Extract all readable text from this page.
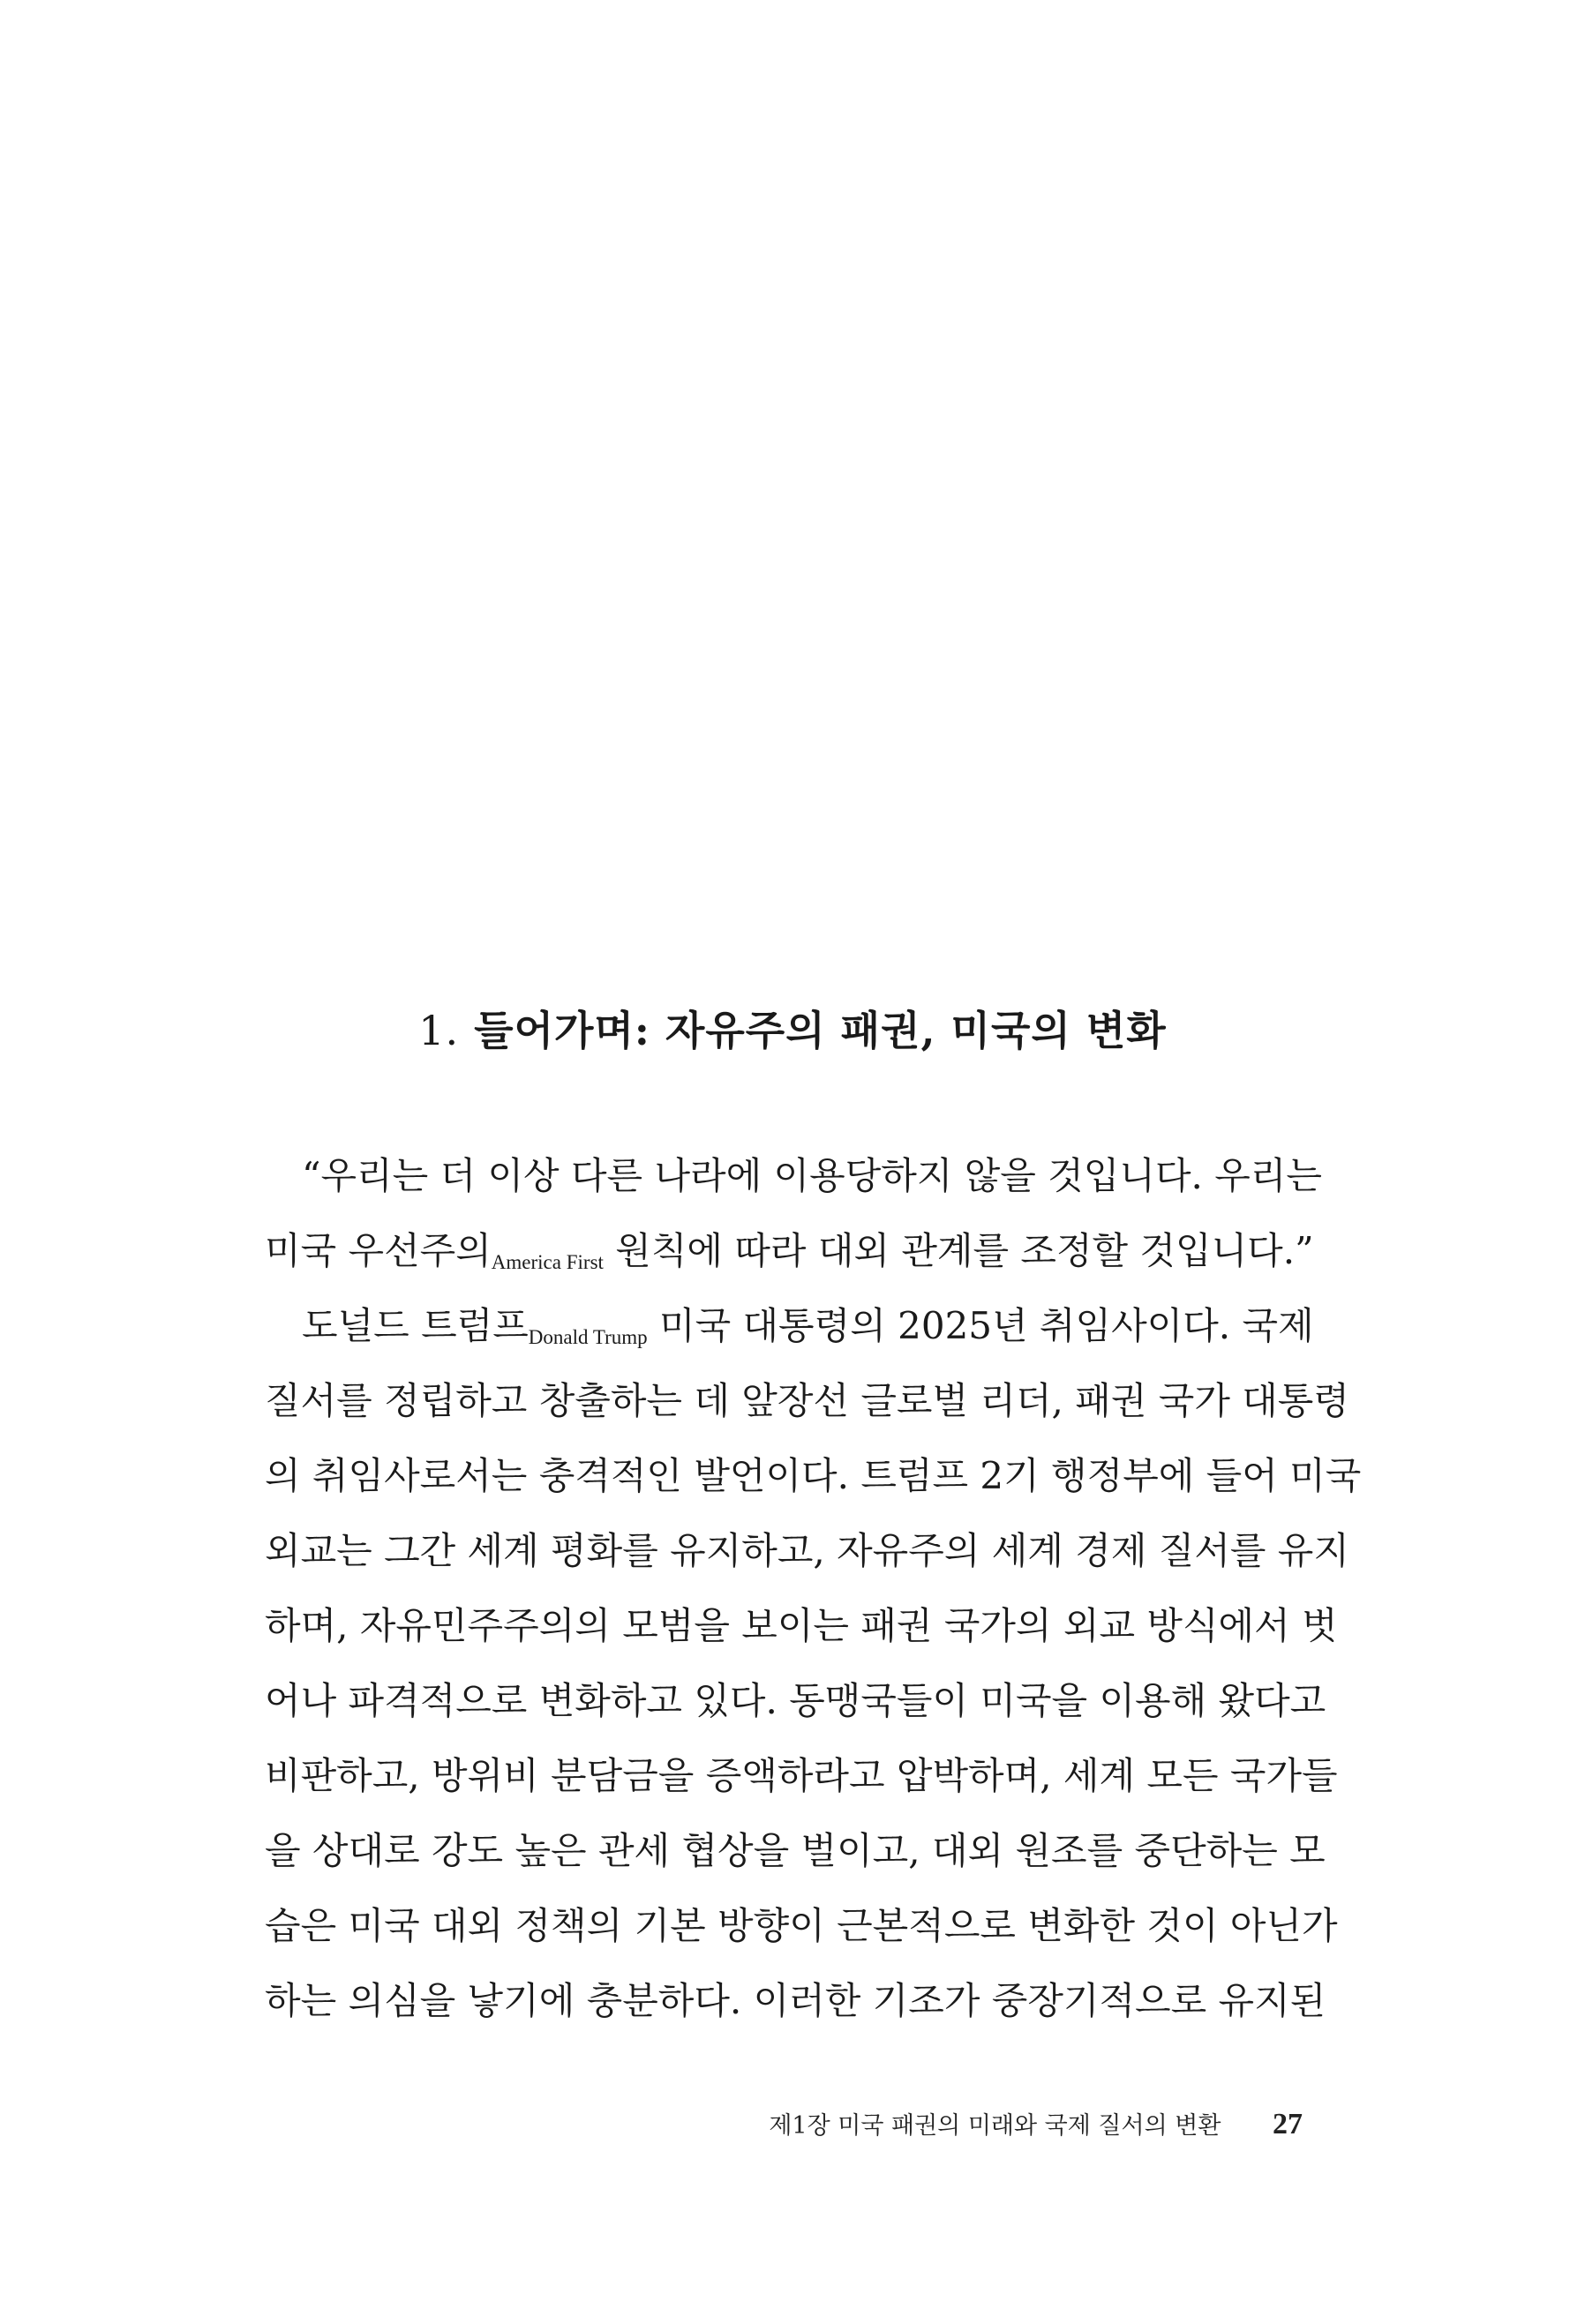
1. 들어가며: 자유주의 패권, 미국의 변화
“우리는 더 이상 다른 나라에 이용당하지 않을 것입니다. 우리는
미국 우선주의America First 원칙에 따라 대외 관계를 조정할 것입니다.”
도널드 트럼프Donald Trump 미국 대통령의 2025년 취임사이다. 국제
질서를 정립하고 창출하는 데 앞장선 글로벌 리더, 패권 국가 대통령
의 취임사로서는 충격적인 발언이다. 트럼프 2기 행정부에 들어 미국
외교는 그간 세계 평화를 유지하고, 자유주의 세계 경제 질서를 유지
하며, 자유민주주의의 모범을 보이는 패권 국가의 외교 방식에서 벗
어나 파격적으로 변화하고 있다. 동맹국들이 미국을 이용해 왔다고
비판하고, 방위비 분담금을 증액하라고 압박하며, 세계 모든 국가들
을 상대로 강도 높은 관세 협상을 벌이고, 대외 원조를 중단하는 모
습은 미국 대외 정책의 기본 방향이 근본적으로 변화한 것이 아닌가
하는 의심을 낳기에 충분하다. 이러한 기조가 중장기적으로 유지된
제1장 미국 패권의 미래와 국제 질서의 변환 27
